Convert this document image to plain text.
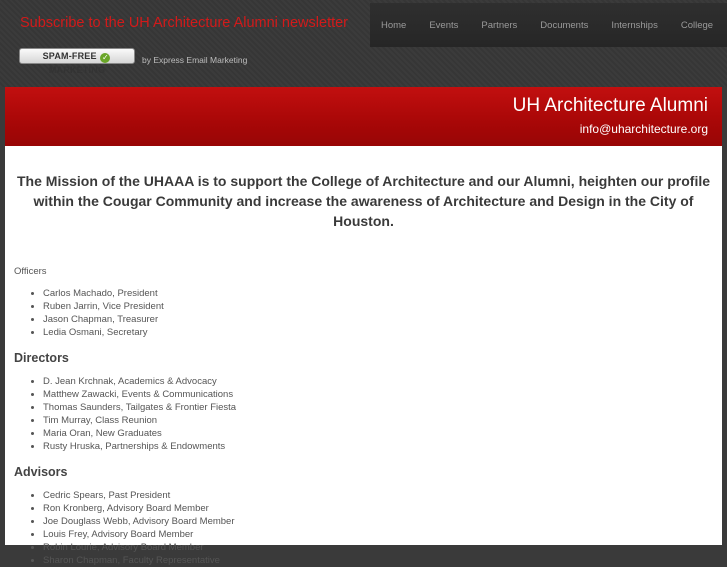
Subscribe to the UH Architecture Alumni newsletter
SPAM-FREE ✓ MARKETING
by Express Email Marketing
Home Events Partners Documents Internships College
UH Architecture Alumni
info@uharchitecture.org

The Mission of the UHAAA is to support the College of Architecture and our Alumni, heighten our profile within the Cougar Community and increase the awareness of Architecture and Design in the City of Houston.

Officers

• Carlos Machado, President
• Ruben Jarrin, Vice President
• Jason Chapman, Treasurer
• Ledia Osmani, Secretary
Directors
• D. Jean Krchnak, Academics & Advocacy
• Matthew Zawacki, Events & Communications
• Thomas Saunders, Tailgates & Frontier Fiesta
• Tim Murray, Class Reunion
• Maria Oran, New Graduates
• Rusty Hruska, Partnerships & Endowments
Advisors
• Cedric Spears, Past President
• Ron Kronberg, Advisory Board Member
• Joe Douglass Webb, Advisory Board Member
• Louis Frey, Advisory Board Member
• Robin Lourie, Advisory Board Member
• Sharon Chapman, Faculty Representative
